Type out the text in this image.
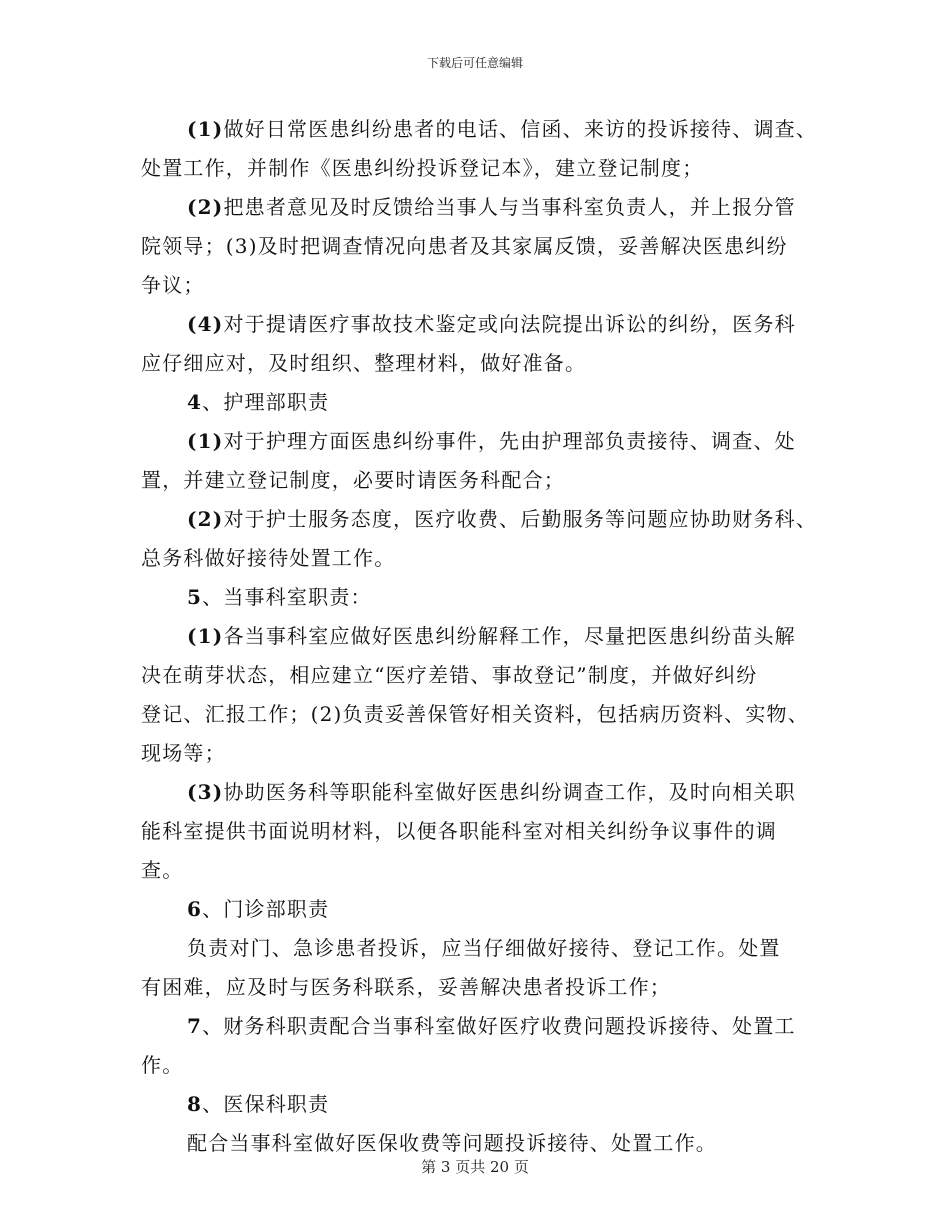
下载后可任意编辑
(1)做好日常医患纠纷患者的电话、信函、来访的投诉接待、调查、
处置工作，并制作《医患纠纷投诉登记本》，建立登记制度；
(2)把患者意见及时反馈给当事人与当事科室负责人，并上报分管
院领导；(3)及时把调查情况向患者及其家属反馈，妥善解决医患纠纷
争议；
(4)对于提请医疗事故技术鉴定或向法院提出诉讼的纠纷，医务科
应仔细应对，及时组织、整理材料，做好准备。
4、护理部职责
(1)对于护理方面医患纠纷事件，先由护理部负责接待、调查、处
置，并建立登记制度，必要时请医务科配合；
(2)对于护士服务态度，医疗收费、后勤服务等问题应协助财务科、
总务科做好接待处置工作。
5、当事科室职责：
(1)各当事科室应做好医患纠纷解释工作，尽量把医患纠纷苗头解
决在萌芽状态，相应建立“医疗差错、事故登记”制度，并做好纠纷
登记、汇报工作；(2)负责妥善保管好相关资料，包括病历资料、实物、
现场等；
(3)协助医务科等职能科室做好医患纠纷调查工作，及时向相关职
能科室提供书面说明材料，以便各职能科室对相关纠纷争议事件的调
查。
6、门诊部职责
负责对门、急诊患者投诉，应当仔细做好接待、登记工作。处置
有困难，应及时与医务科联系，妥善解决患者投诉工作；
7、财务科职责配合当事科室做好医疗收费问题投诉接待、处置工
作。
8、医保科职责
配合当事科室做好医保收费等问题投诉接待、处置工作。
第 3 页共 20 页
